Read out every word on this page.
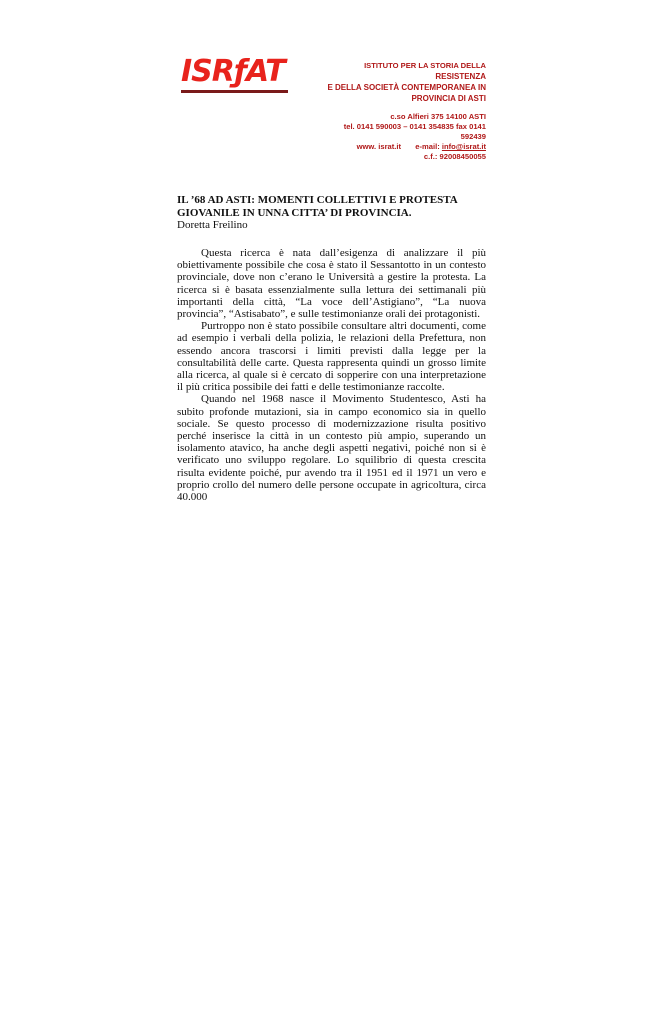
ISRƒAT	ISTITUTO PER LA STORIA DELLA
RESISTENZA
E DELLA SOCIETÀ CONTEMPORANEA IN
PROVINCIA DI ASTI
c.so Alfieri 375 14100 ASTI
tel. 0141 590003 – 0141 354835 fax 0141
592439
www. israt.it e-mail: info@israt.it
c.f.: 92008450055

IL ’68 AD ASTI: MOMENTI COLLETTIVI E PROTESTA GIOVANILE IN UNNA CITTA’ DI PROVINCIA.

Doretta Freilino

Questa ricerca è nata dall’esigenza di analizzare il più obiettivamente possibile che cosa è stato il Sessantotto in un contesto provinciale, dove non c’erano le Università a gestire la protesta. La ricerca si è basata essenzialmente sulla lettura dei settimanali più importanti della città, “La voce dell’Astigiano”, “La nuova provincia”, “Astisabato”, e sulle testimonianze orali dei protagonisti.

Purtroppo non è stato possibile consultare altri documenti, come ad esempio i verbali della polizia, le relazioni della Prefettura, non essendo ancora trascorsi i limiti previsti dalla legge per la consultabilità delle carte. Questa rappresenta quindi un grosso limite alla ricerca, al quale si è cercato di sopperire con una interpretazione il più critica possibile dei fatti e delle testimonianze raccolte.

Quando nel 1968 nasce il Movimento Studentesco, Asti ha subito profonde mutazioni, sia in campo economico sia in quello sociale. Se questo processo di modernizzazione risulta positivo perché inserisce la città in un contesto più ampio, superando un isolamento atavico, ha anche degli aspetti negativi, poiché non si è verificato uno sviluppo regolare. Lo squilibrio di questa crescita risulta evidente poiché, pur avendo tra il 1951 ed il 1971 un vero e proprio crollo del numero delle persone occupate in agricoltura, circa 40.000
